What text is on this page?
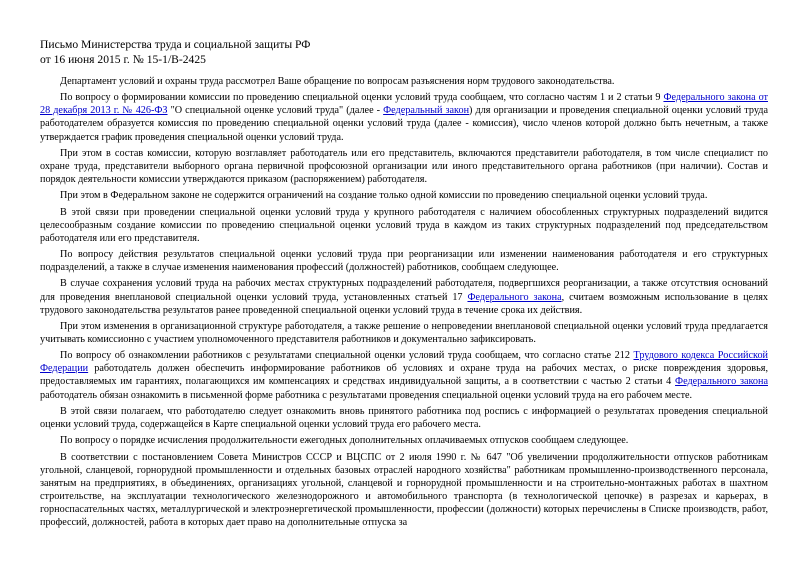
Письмо Министерства труда и социальной защиты РФ
от 16 июня 2015 г. № 15-1/В-2425

Департамент условий и охраны труда рассмотрел Ваше обращение по вопросам разъяснения норм трудового законодательства.

По вопросу о формировании комиссии по проведению специальной оценки условий труда сообщаем, что согласно частям 1 и 2 статьи 9 Федерального закона от 28 декабря 2013 г. № 426-ФЗ "О специальной оценке условий труда" (далее - Федеральный закон) для организации и проведения специальной оценки условий труда работодателем образуется комиссия по проведению специальной оценки условий труда (далее - комиссия), число членов которой должно быть нечетным, а также утверждается график проведения специальной оценки условий труда.

При этом в состав комиссии, которую возглавляет работодатель или его представитель, включаются представители работодателя, в том числе специалист по охране труда, представители выборного органа первичной профсоюзной организации или иного представительного органа работников (при наличии). Состав и порядок деятельности комиссии утверждаются приказом (распоряжением) работодателя.

При этом в Федеральном законе не содержится ограничений на создание только одной комиссии по проведению специальной оценки условий труда.

В этой связи при проведении специальной оценки условий труда у крупного работодателя с наличием обособленных структурных подразделений видится целесообразным создание комиссии по проведению специальной оценки условий труда в каждом из таких структурных подразделений под председательством работодателя или его представителя.

По вопросу действия результатов специальной оценки условий труда при реорганизации или изменении наименования работодателя и его структурных подразделений, а также в случае изменения наименования профессий (должностей) работников, сообщаем следующее.

В случае сохранения условий труда на рабочих местах структурных подразделений работодателя, подвергшихся реорганизации, а также отсутствия оснований для проведения внеплановой специальной оценки условий труда, установленных статьей 17 Федерального закона, считаем возможным использование в целях трудового законодательства результатов ранее проведенной специальной оценки условий труда в течение срока их действия.

При этом изменения в организационной структуре работодателя, а также решение о непроведении внеплановой специальной оценки условий труда предлагается учитывать комиссионно с участием уполномоченного представителя работников и документально зафиксировать.

По вопросу об ознакомлении работников с результатами специальной оценки условий труда сообщаем, что согласно статье 212 Трудового кодекса Российской Федерации работодатель должен обеспечить информирование работников об условиях и охране труда на рабочих местах, о риске повреждения здоровья, предоставляемых им гарантиях, полагающихся им компенсациях и средствах индивидуальной защиты, а в соответствии с частью 2 статьи 4 Федерального закона работодатель обязан ознакомить в письменной форме работника с результатами проведения специальной оценки условий труда на его рабочем месте.

В этой связи полагаем, что работодателю следует ознакомить вновь принятого работника под роспись с информацией о результатах проведения специальной оценки условий труда, содержащейся в Карте специальной оценки условий труда его рабочего места.

По вопросу о порядке исчисления продолжительности ежегодных дополнительных оплачиваемых отпусков сообщаем следующее.

В соответствии с постановлением Совета Министров СССР и ВЦСПС от 2 июля 1990 г. № 647 "Об увеличении продолжительности отпусков работникам угольной, сланцевой, горнорудной промышленности и отдельных базовых отраслей народного хозяйства" работникам промышленно-производственного персонала, занятым на предприятиях, в объединениях, организациях угольной, сланцевой и горнорудной промышленности и на строительно-монтажных работах в шахтном строительстве, на эксплуатации технологического железнодорожного и автомобильного транспорта (в технологической цепочке) в разрезах и карьерах, в горноспасательных частях, металлургической и электроэнергетической промышленности, профессии (должности) которых перечислены в Списке производств, работ, профессий, должностей, работа в которых дает право на дополнительные отпуска за
